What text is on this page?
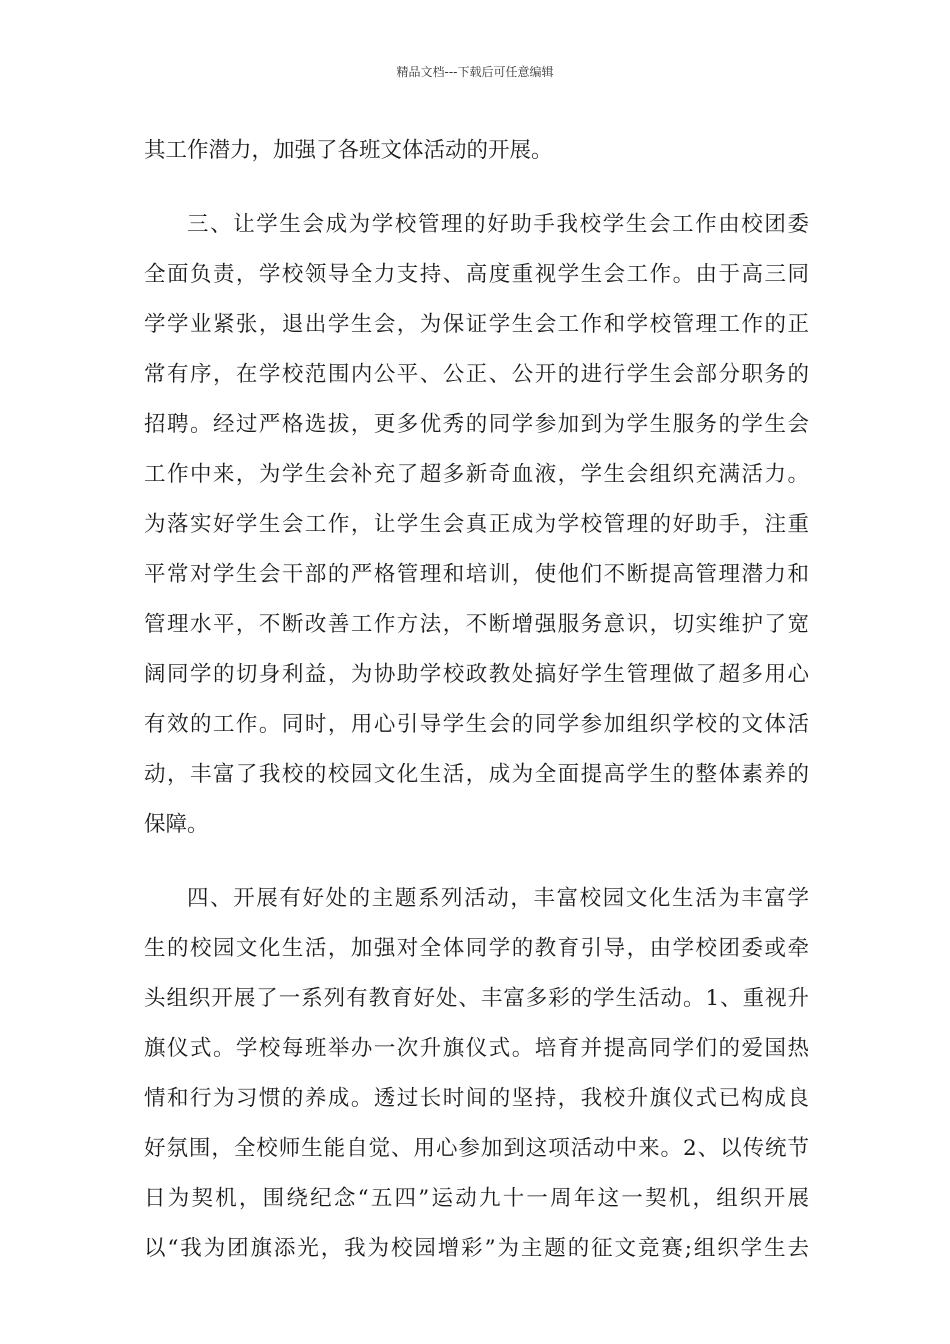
精品文档---下载后可任意编辑
其工作潜力，加强了各班文体活动的开展。
三、让学生会成为学校管理的好助手我校学生会工作由校团委
全面负责，学校领导全力支持、高度重视学生会工作。由于高三同
学学业紧张，退出学生会，为保证学生会工作和学校管理工作的正
常有序，在学校范围内公平、公正、公开的进行学生会部分职务的
招聘。经过严格选拔，更多优秀的同学参加到为学生服务的学生会
工作中来，为学生会补充了超多新奇血液，学生会组织充满活力。
为落实好学生会工作，让学生会真正成为学校管理的好助手，注重
平常对学生会干部的严格管理和培训，使他们不断提高管理潜力和
管理水平，不断改善工作方法，不断增强服务意识，切实维护了宽
阔同学的切身利益，为协助学校政教处搞好学生管理做了超多用心
有效的工作。同时，用心引导学生会的同学参加组织学校的文体活
动，丰富了我校的校园文化生活，成为全面提高学生的整体素养的
保障。
四、开展有好处的主题系列活动，丰富校园文化生活为丰富学
生的校园文化生活，加强对全体同学的教育引导，由学校团委或牵
头组织开展了一系列有教育好处、丰富多彩的学生活动。1、重视升
旗仪式。学校每班举办一次升旗仪式。培育并提高同学们的爱国热
情和行为习惯的养成。透过长时间的坚持，我校升旗仪式已构成良
好氛围，全校师生能自觉、用心参加到这项活动中来。2、以传统节
日为契机，围绕纪念“五四”运动九十一周年这一契机，组织开展
以“我为团旗添光，我为校园增彩”为主题的征文竞赛;组织学生去
